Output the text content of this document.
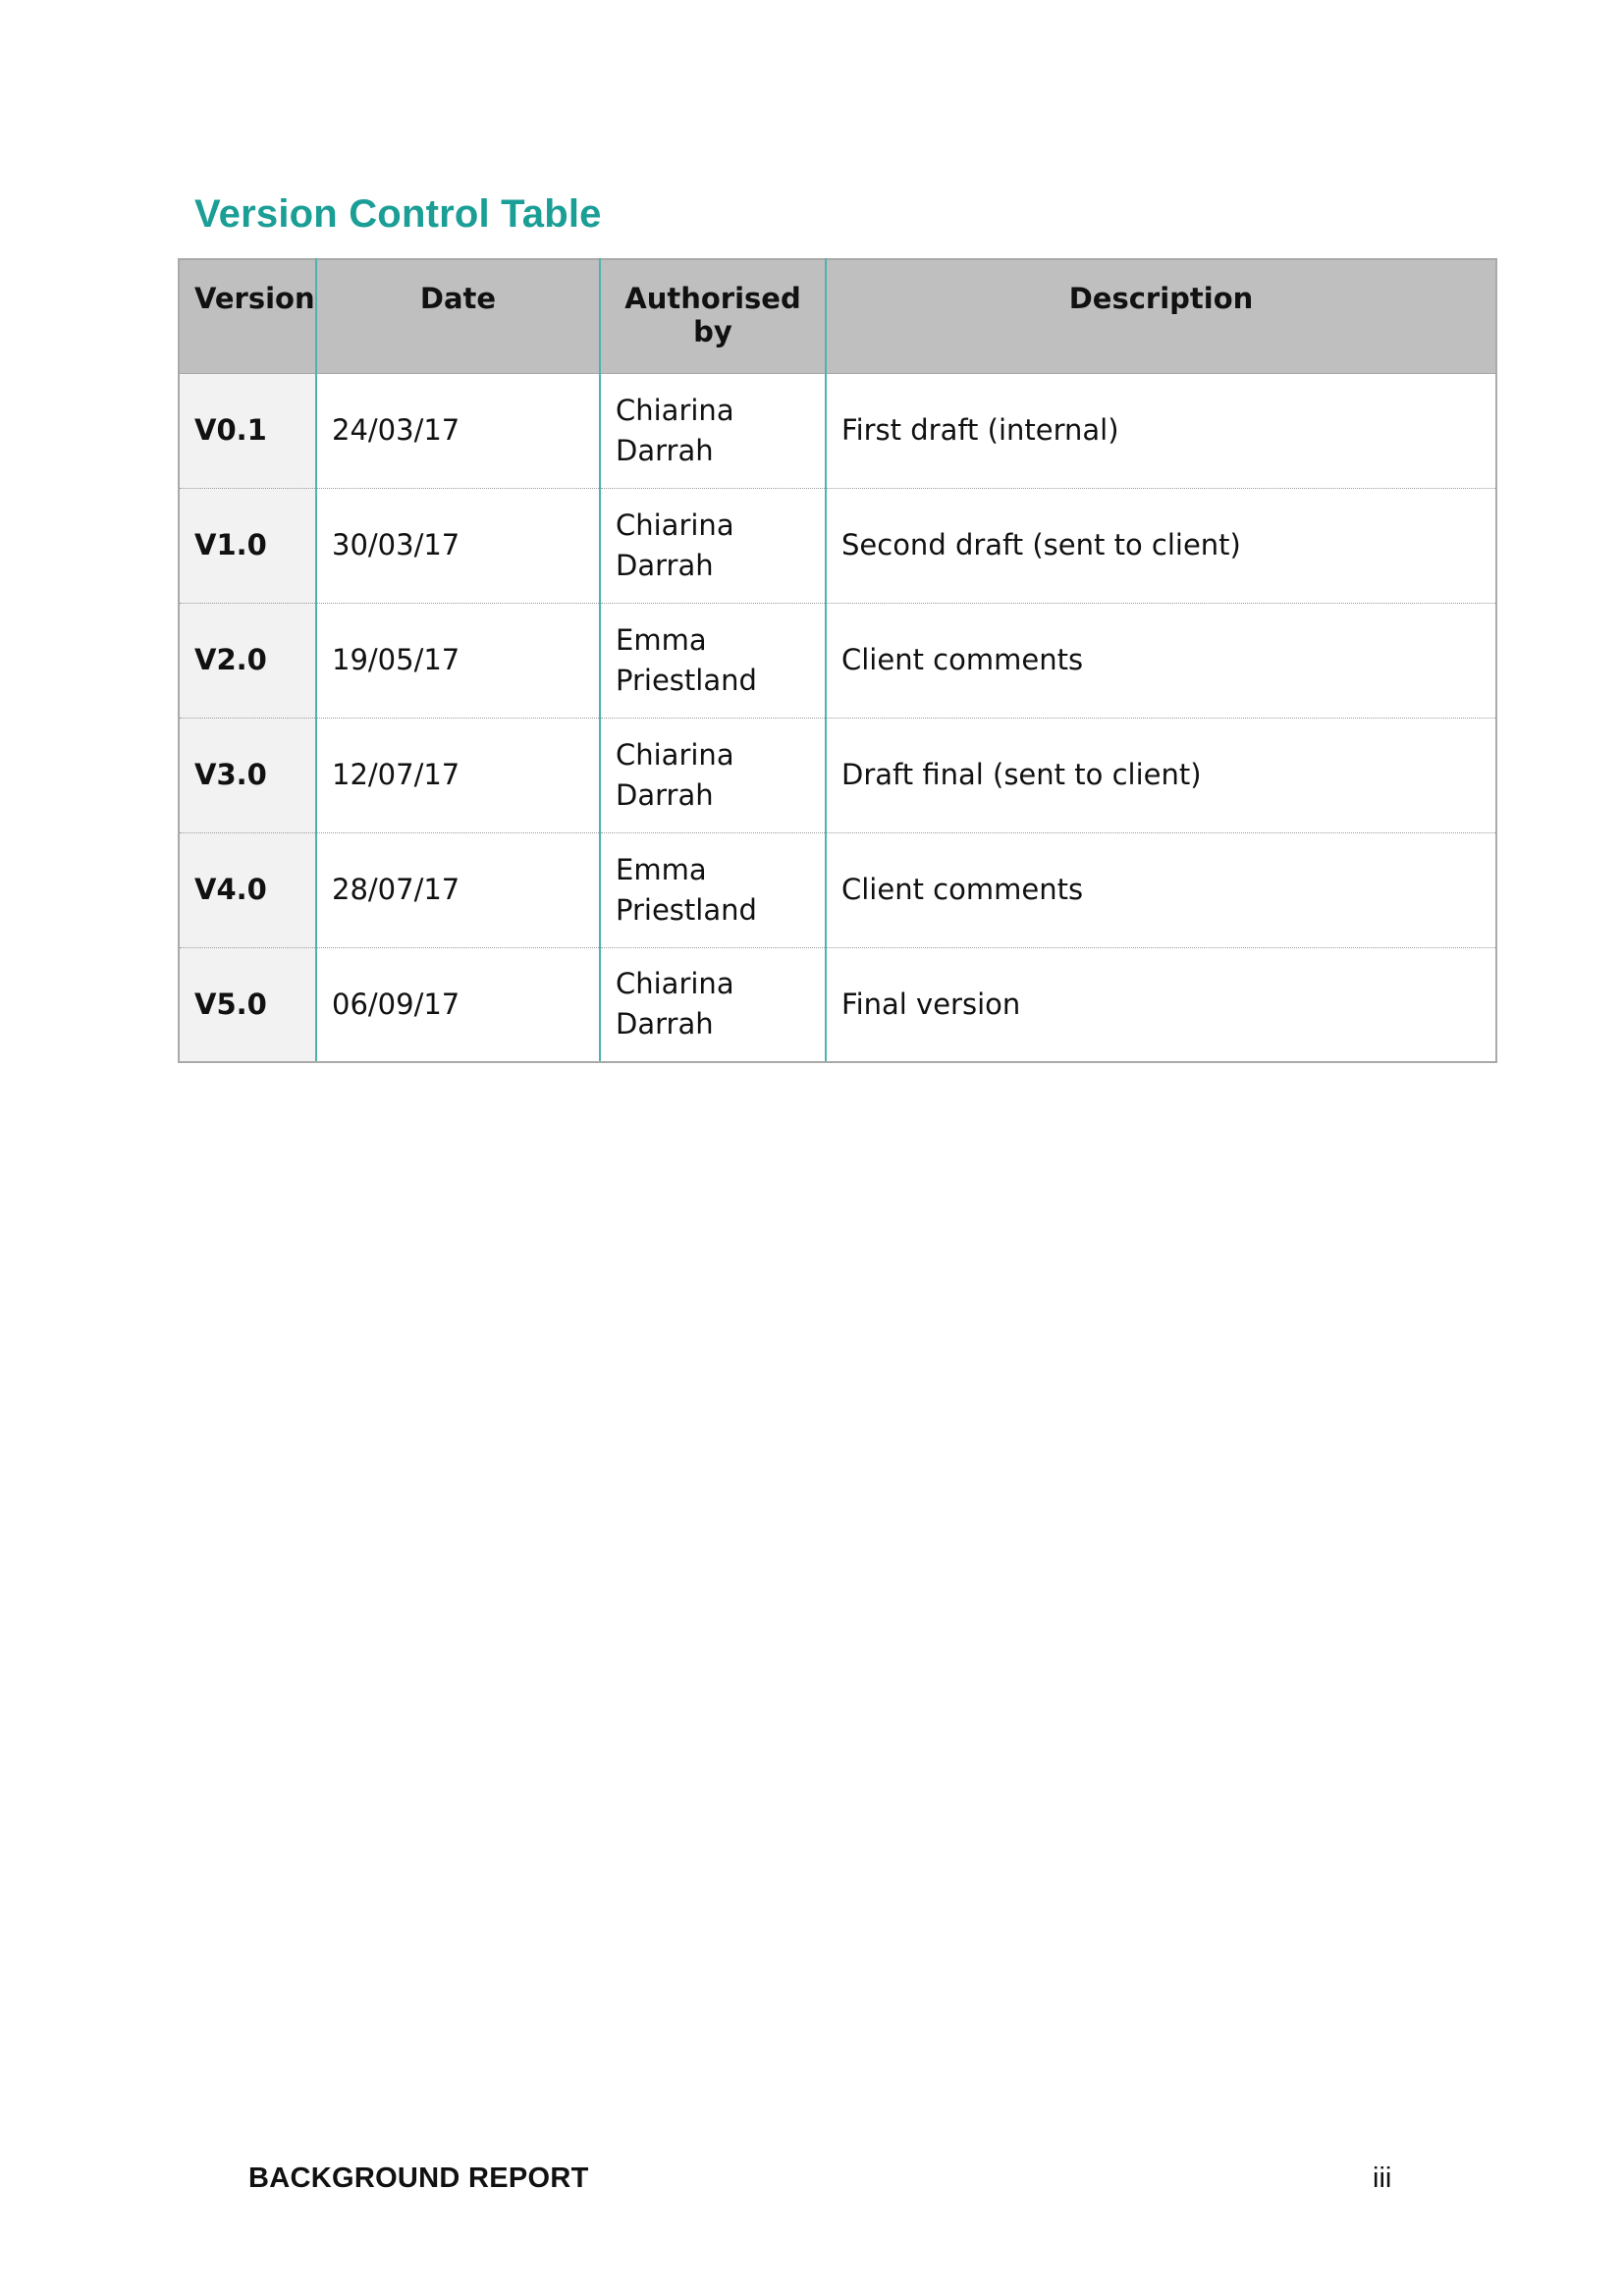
Version Control Table
Version	Date	Authorised by	Description
V0.1	24/03/17	Chiarina Darrah	First draft (internal)
V1.0	30/03/17	Chiarina Darrah	Second draft (sent to client)
V2.0	19/05/17	Emma Priestland	Client comments
V3.0	12/07/17	Chiarina Darrah	Draft final (sent to client)
V4.0	28/07/17	Emma Priestland	Client comments
V5.0	06/09/17	Chiarina Darrah	Final version
BACKGROUND REPORT	iii
